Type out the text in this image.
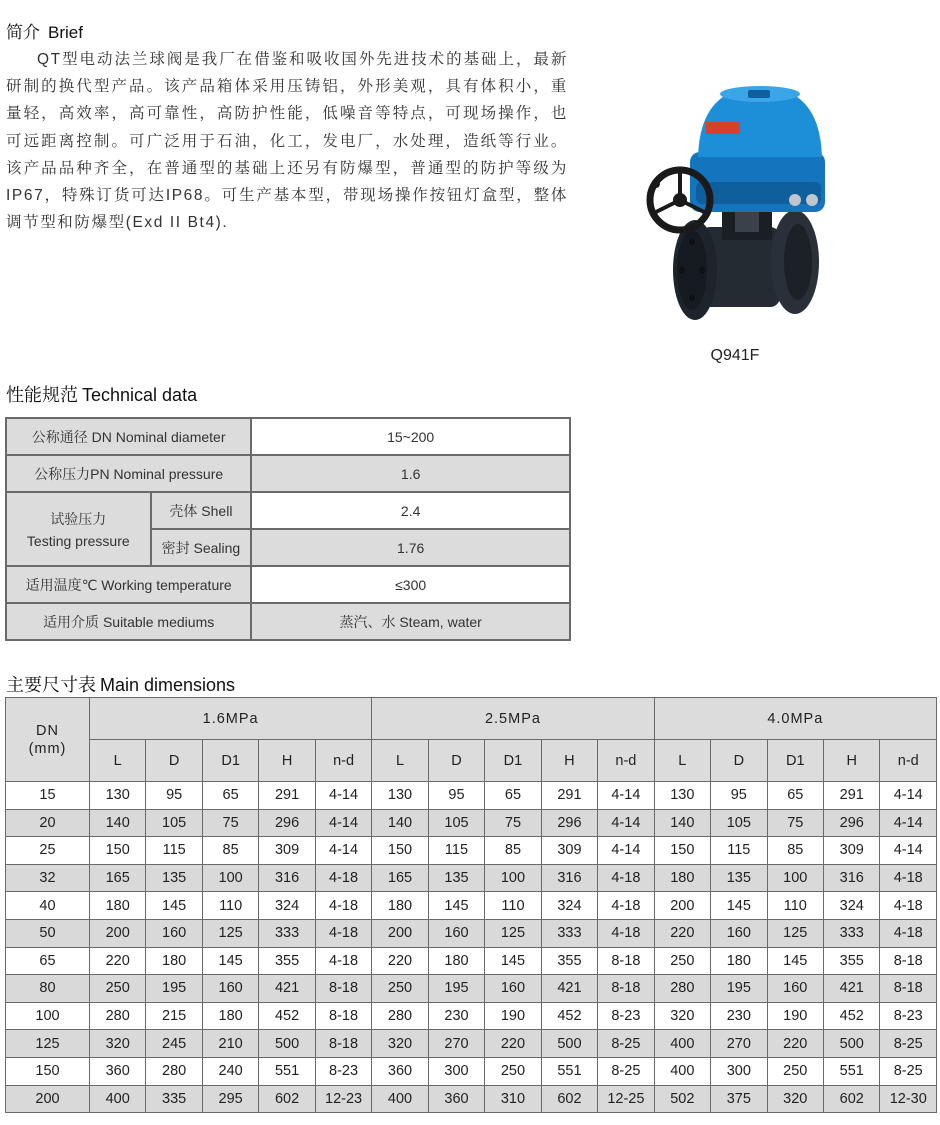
简介 Brief

QT型电动法兰球阀是我厂在借鉴和吸收国外先进技术的基础上，最新研制的换代型产品。该产品箱体采用压铸铝，外形美观，具有体积小，重量轻，高效率，高可靠性，高防护性能，低噪音等特点，可现场操作，也可远距离控制。可广泛用于石油，化工，发电厂，水处理，造纸等行业。该产品品种齐全，在普通型的基础上还另有防爆型，普通型的防护等级为IP67，特殊订货可达IP68。可生产基本型，带现场操作按钮灯盒型，整体调节型和防爆型(Exd II Bt4).

Q941F
性能规范 Technical data
公称通径 DN Nominal diameter		15~200
公称压力PN Nominal pressure		1.6

试验压力
Testing pressure	壳体 Shell	2.4
	密封 Sealing	1.76
适用温度℃ Working temperature		≤300
适用介质 Suitable mediums		蒸汽、水 Steam, water
主要尺寸表 Main dimensions
DN
(mm)	1.6MPa					2.5MPa					4.0MPa				
	L	D	D1	H	n-d	L	D	D1	H	n-d	L	D	D1	H	n-d
15	130	95	65	291	4-14	130	95	65	291	4-14	130	95	65	291	4-14
20	140	105	75	296	4-14	140	105	75	296	4-14	140	105	75	296	4-14
25	150	115	85	309	4-14	150	115	85	309	4-14	150	115	85	309	4-14
32	165	135	100	316	4-18	165	135	100	316	4-18	180	135	100	316	4-18
40	180	145	110	324	4-18	180	145	110	324	4-18	200	145	110	324	4-18
50	200	160	125	333	4-18	200	160	125	333	4-18	220	160	125	333	4-18
65	220	180	145	355	4-18	220	180	145	355	8-18	250	180	145	355	8-18
80	250	195	160	421	8-18	250	195	160	421	8-18	280	195	160	421	8-18
100	280	215	180	452	8-18	280	230	190	452	8-23	320	230	190	452	8-23
125	320	245	210	500	8-18	320	270	220	500	8-25	400	270	220	500	8-25
150	360	280	240	551	8-23	360	300	250	551	8-25	400	300	250	551	8-25
200	400	335	295	602	12-23	400	360	310	602	12-25	502	375	320	602	12-30
